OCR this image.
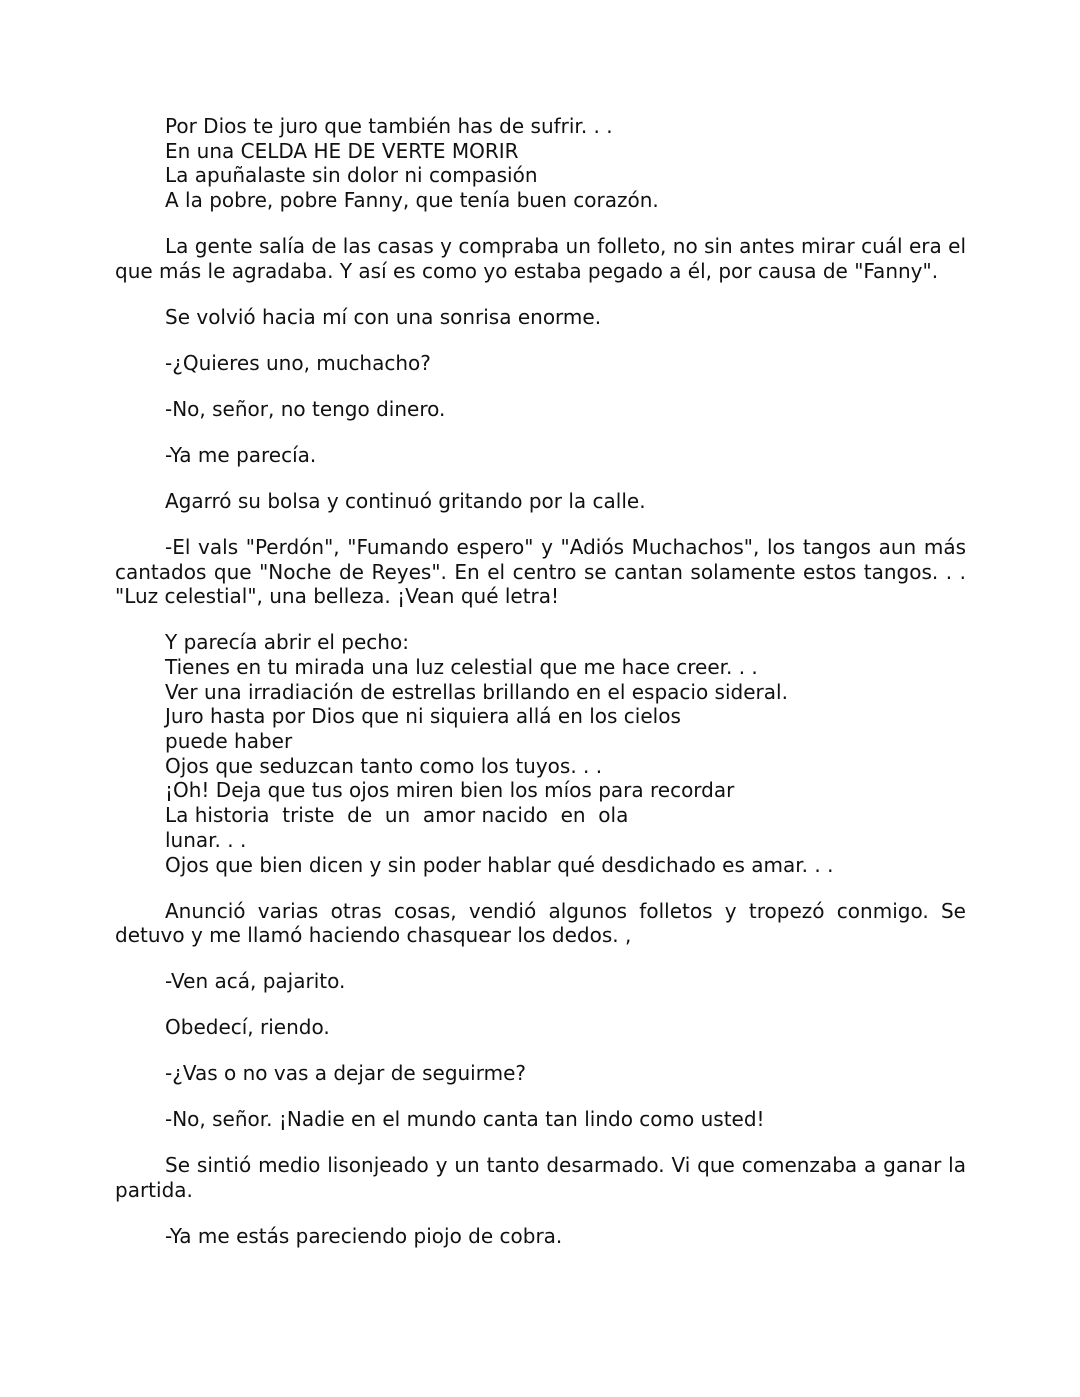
Por Dios te juro que también has de sufrir. . .
En una CELDA HE DE VERTE MORIR
La apuñalaste sin dolor ni compasión
A la pobre, pobre Fanny, que tenía buen corazón.

La gente salía de las casas y compraba un folleto, no sin antes mirar cuál era el que más le agradaba. Y así es como yo estaba pegado a él, por causa de "Fanny".

Se volvió hacia mí con una sonrisa enorme.

-¿Quieres uno, muchacho?

-No, señor, no tengo dinero.

-Ya me parecía.

Agarró su bolsa y continuó gritando por la calle.

-El vals "Perdón", "Fumando espero" y "Adiós Muchachos", los tangos aun más cantados que "Noche de Reyes". En el centro se cantan solamente estos tangos. . . "Luz celestial", una belleza. ¡Vean qué letra!

Y parecía abrir el pecho:
Tienes en tu mirada una luz celestial que me hace creer. . .
Ver una irradiación de estrellas brillando en el espacio sideral.
Juro hasta por Dios que ni siquiera allá en los cielos
puede haber
Ojos que seduzcan tanto como los tuyos. . .
¡Oh! Deja que tus ojos miren bien los míos para recordar
La historia  triste  de  un  amor nacido  en  ola
lunar. . .
Ojos que bien dicen y sin poder hablar qué desdichado es amar. . .

Anunció varias otras cosas, vendió algunos folletos y tropezó conmigo. Se detuvo y me llamó haciendo chasquear los dedos. ,

-Ven acá, pajarito.

Obedecí, riendo.

-¿Vas o no vas a dejar de seguirme?

-No, señor. ¡Nadie en el mundo canta tan lindo como usted!

Se sintió medio lisonjeado y un tanto desarmado. Vi que comenzaba a ganar la partida.

-Ya me estás pareciendo piojo de cobra.
